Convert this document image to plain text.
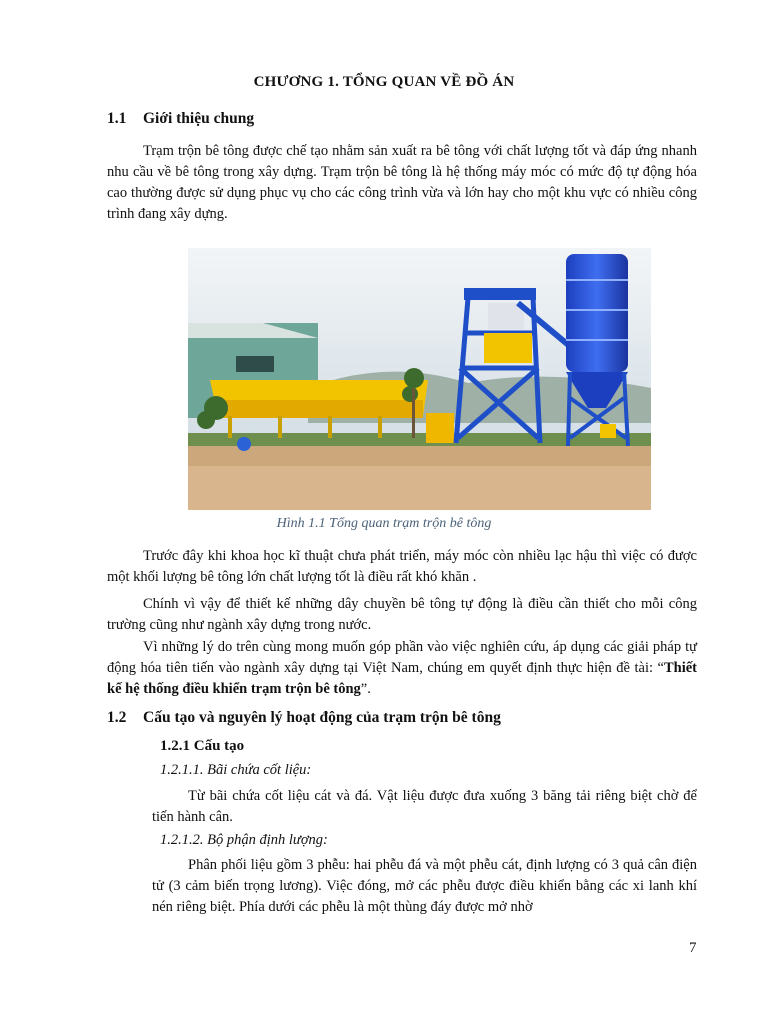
CHƯƠNG 1. TỔNG QUAN VỀ ĐỒ ÁN
1.1 Giới thiệu chung
Trạm trộn bê tông được chế tạo nhằm sản xuất ra bê tông với chất lượng tốt và đáp ứng nhanh nhu cầu về bê tông trong xây dựng. Trạm trộn bê tông là hệ thống máy móc có mức độ tự động hóa cao thường được sử dụng phục vụ cho các công trình vừa và lớn hay cho một khu vực có nhiều công trình đang xây dựng.
Hình 1.1 Tổng quan trạm trộn bê tông
Trước đây khi khoa học kĩ thuật chưa phát triển, máy móc còn nhiều lạc hậu thì việc có được một khối lượng bê tông lớn chất lượng tốt là điều rất khó khăn .
Chính vì vậy để thiết kế những dây chuyền bê tông tự động là điều cần thiết cho mỗi công trường cũng như ngành xây dựng trong nước.
Vì những lý do trên cùng mong muốn góp phần vào việc nghiên cứu, áp dụng các giải pháp tự động hóa tiên tiến vào ngành xây dựng tại Việt Nam, chúng em quyết định thực hiện đề tài: “Thiết kế hệ thống điều khiển trạm trộn bê tông”.
1.2 Cấu tạo và nguyên lý hoạt động của trạm trộn bê tông
1.2.1 Cấu tạo
1.2.1.1. Bãi chứa cốt liệu:
Từ bãi chứa cốt liệu cát và đá. Vật liệu được đưa xuống 3 băng tải riêng biệt chờ để tiến hành cân.
1.2.1.2. Bộ phận định lượng:
Phân phối liệu gồm 3 phễu: hai phễu đá và một phễu cát, định lượng có 3 quả cân điện tử (3 cảm biến trọng lương). Việc đóng, mở các phễu được điều khiển bằng các xi lanh khí nén riêng biệt. Phía dưới các phễu là một thùng đáy được mở nhờ
7
